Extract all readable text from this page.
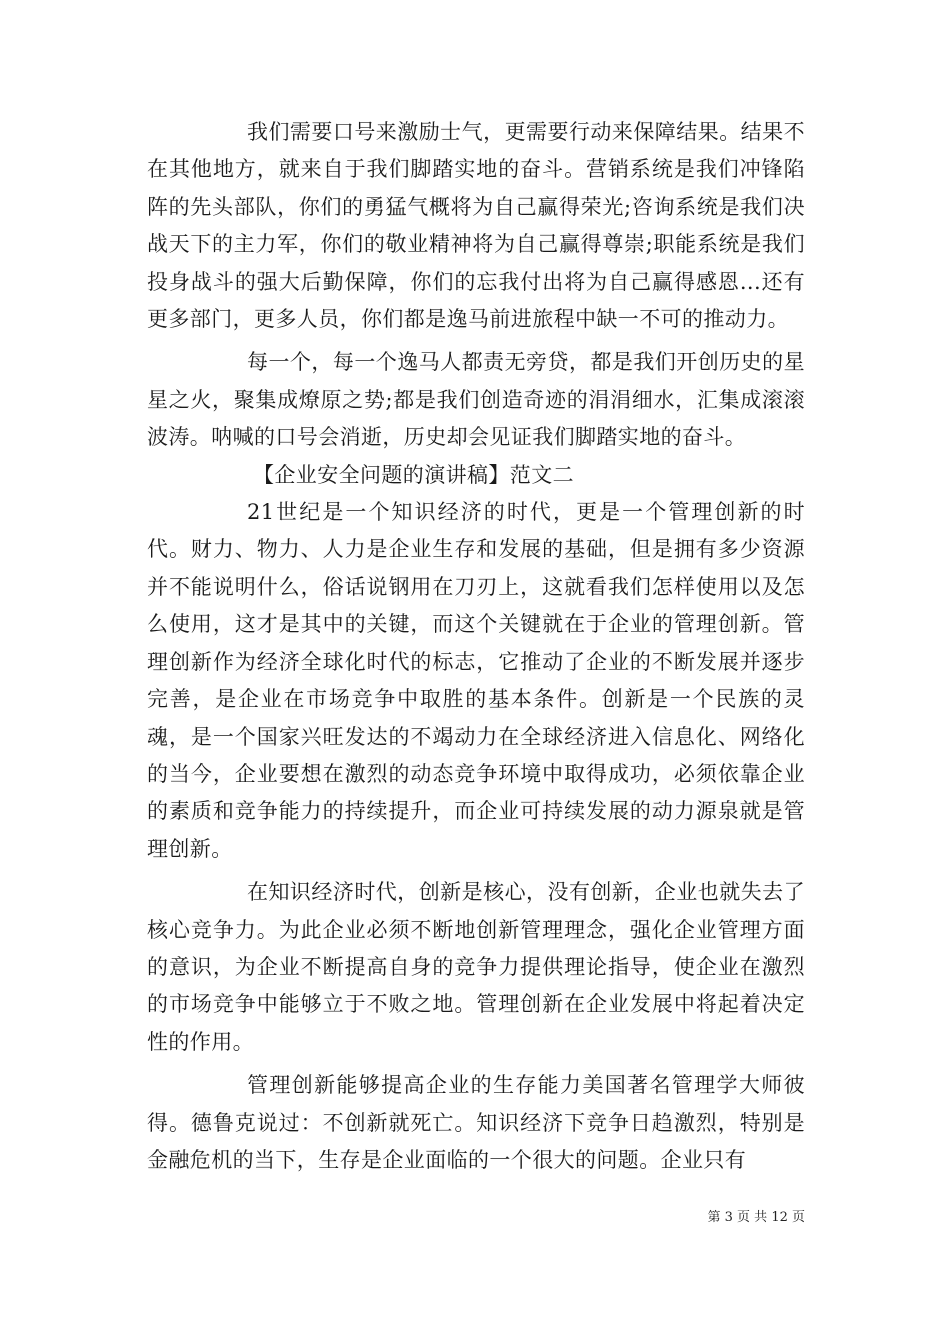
我们需要口号来激励士气，更需要行动来保障结果。结果不在其他地方，就来自于我们脚踏实地的奋斗。营销系统是我们冲锋陷阵的先头部队，你们的勇猛气概将为自己赢得荣光;咨询系统是我们决战天下的主力军，你们的敬业精神将为自己赢得尊崇;职能系统是我们投身战斗的强大后勤保障，你们的忘我付出将为自己赢得感恩...还有更多部门，更多人员，你们都是逸马前进旅程中缺一不可的推动力。

每一个，每一个逸马人都责无旁贷，都是我们开创历史的星星之火，聚集成燎原之势;都是我们创造奇迹的涓涓细水，汇集成滚滚波涛。呐喊的口号会消逝，历史却会见证我们脚踏实地的奋斗。

【企业安全问题的演讲稿】范文二

21世纪是一个知识经济的时代，更是一个管理创新的时代。财力、物力、人力是企业生存和发展的基础，但是拥有多少资源并不能说明什么，俗话说钢用在刀刃上，这就看我们怎样使用以及怎么使用，这才是其中的关键，而这个关键就在于企业的管理创新。管理创新作为经济全球化时代的标志，它推动了企业的不断发展并逐步完善，是企业在市场竞争中取胜的基本条件。创新是一个民族的灵魂，是一个国家兴旺发达的不竭动力在全球经济进入信息化、网络化的当今，企业要想在激烈的动态竞争环境中取得成功，必须依靠企业的素质和竞争能力的持续提升，而企业可持续发展的动力源泉就是管理创新。

在知识经济时代，创新是核心，没有创新，企业也就失去了核心竞争力。为此企业必须不断地创新管理理念，强化企业管理方面的意识，为企业不断提高自身的竞争力提供理论指导，使企业在激烈的市场竞争中能够立于不败之地。管理创新在企业发展中将起着决定性的作用。

管理创新能够提高企业的生存能力美国著名管理学大师彼得。德鲁克说过：不创新就死亡。知识经济下竞争日趋激烈，特别是金融危机的当下，生存是企业面临的一个很大的问题。企业只有

第 3 页 共 12 页
